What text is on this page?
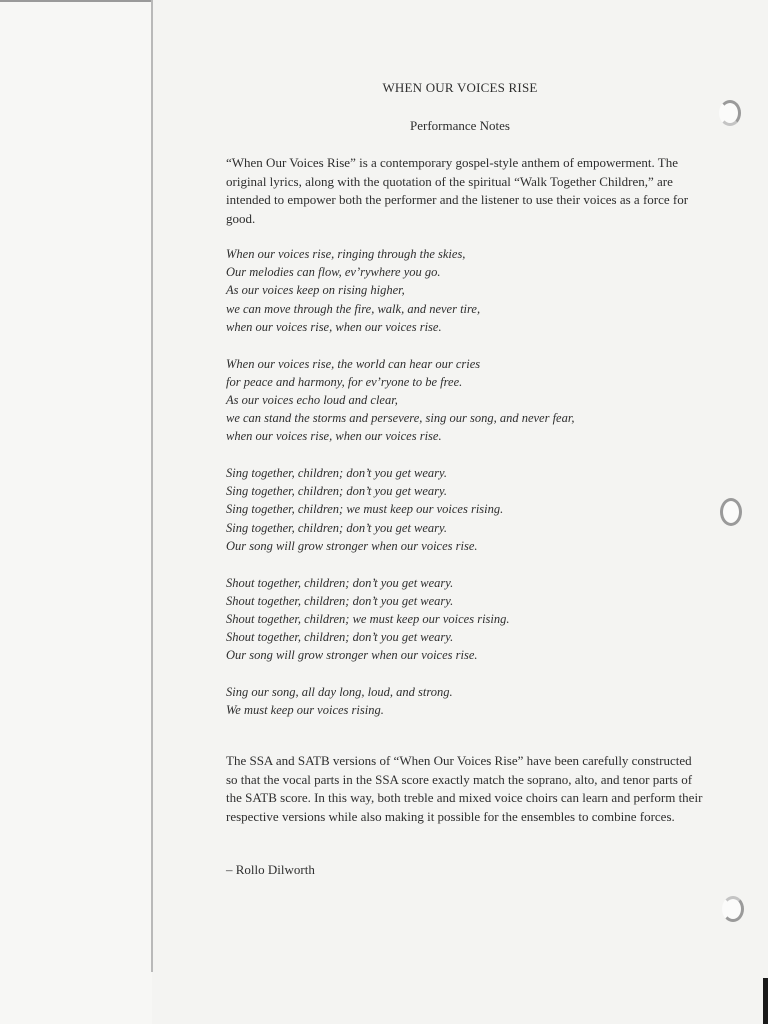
WHEN OUR VOICES RISE
Performance Notes

“When Our Voices Rise” is a contemporary gospel-style anthem of empowerment. The original lyrics, along with the quotation of the spiritual “Walk Together Children,” are intended to empower both the performer and the listener to use their voices as a force for good.

When our voices rise, ringing through the skies,
Our melodies can flow, ev’rywhere you go.
As our voices keep on rising higher,
we can move through the fire, walk, and never tire,
when our voices rise, when our voices rise.

When our voices rise, the world can hear our cries
for peace and harmony, for ev’ryone to be free.
As our voices echo loud and clear,
we can stand the storms and persevere, sing our song, and never fear,
when our voices rise, when our voices rise.

Sing together, children; don’t you get weary.
Sing together, children; don’t you get weary.
Sing together, children; we must keep our voices rising.
Sing together, children; don’t you get weary.
Our song will grow stronger when our voices rise.

Shout together, children; don’t you get weary.
Shout together, children; don’t you get weary.
Shout together, children; we must keep our voices rising.
Shout together, children; don’t you get weary.
Our song will grow stronger when our voices rise.

Sing our song, all day long, loud, and strong.
We must keep our voices rising.

The SSA and SATB versions of “When Our Voices Rise” have been carefully constructed so that the vocal parts in the SSA score exactly match the soprano, alto, and tenor parts of the SATB score. In this way, both treble and mixed voice choirs can learn and perform their respective versions while also making it possible for the ensembles to combine forces.

– Rollo Dilworth
